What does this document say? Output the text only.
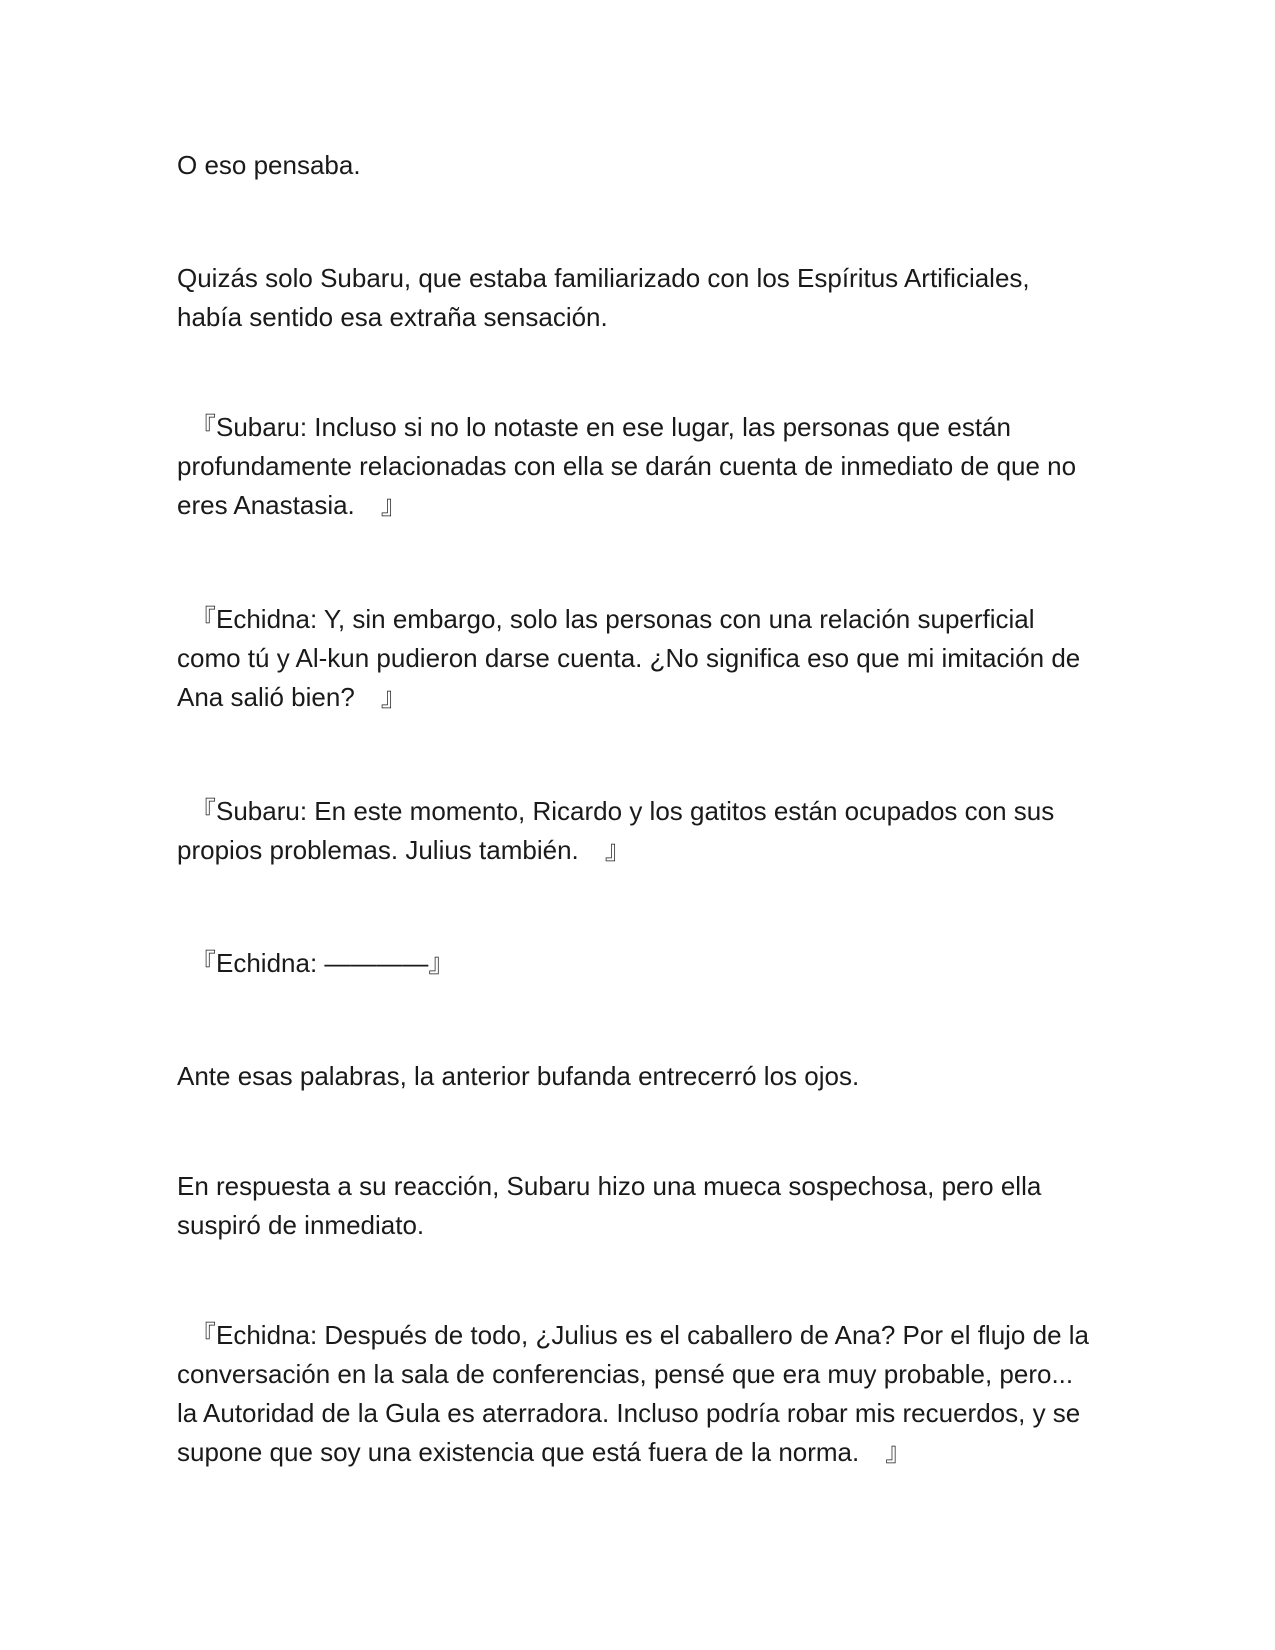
O eso pensaba.

Quizás solo Subaru, que estaba familiarizado con los Espíritus Artificiales, había sentido esa extraña sensación.

　『Subaru: Incluso si no lo notaste en ese lugar, las personas que están profundamente relacionadas con ella se darán cuenta de inmediato de que no eres Anastasia.　』

　『Echidna: Y, sin embargo, solo las personas con una relación superficial como tú y Al-kun pudieron darse cuenta. ¿No significa eso que mi imitación de Ana salió bien?　』

　『Subaru: En este momento, Ricardo y los gatitos están ocupados con sus propios problemas. Julius también.　』

　『Echidna: ————』

Ante esas palabras, la anterior bufanda entrecerró los ojos.

En respuesta a su reacción, Subaru hizo una mueca sospechosa, pero ella suspiró de inmediato.

　『Echidna: Después de todo, ¿Julius es el caballero de Ana? Por el flujo de la conversación en la sala de conferencias, pensé que era muy probable, pero... la Autoridad de la Gula es aterradora. Incluso podría robar mis recuerdos, y se supone que soy una existencia que está fuera de la norma.　』
